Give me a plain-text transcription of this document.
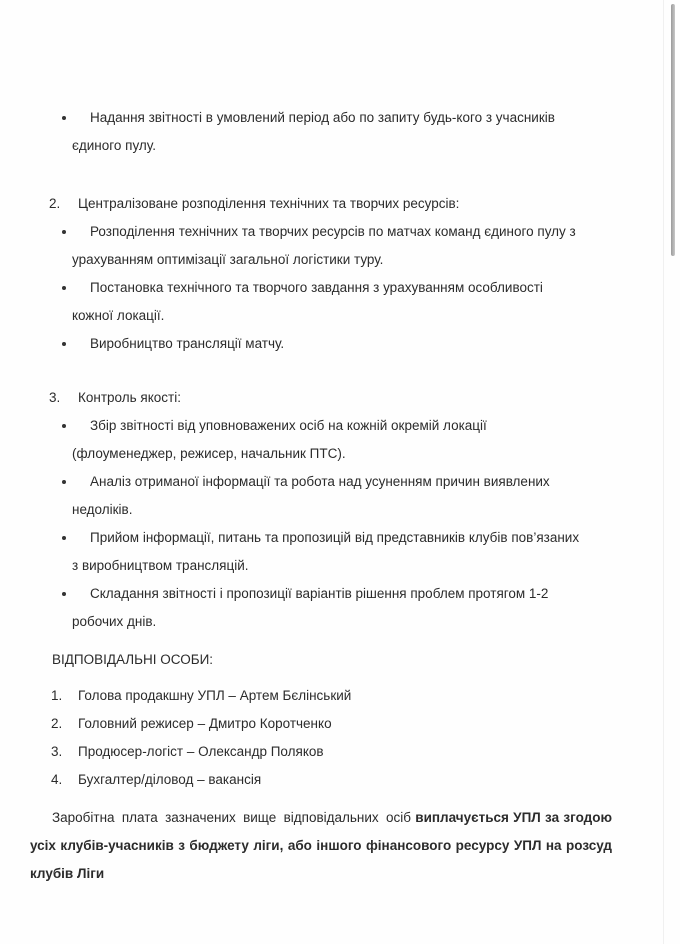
Надання звітності в умовлений період або по запиту будь-кого з учасників
єдиного пулу.
2. Централізоване розподілення технічних та творчих ресурсів:
Розподілення технічних та творчих ресурсів по матчах команд єдиного пулу з
урахуванням оптимізації загальної логістики туру.
Постановка технічного та творчого завдання з урахуванням особливості
кожної локації.
Виробництво трансляції матчу.
3. Контроль якості:
Збір звітності від уповноважених осіб на кожній окремій локації
(флоуменеджер, режисер, начальник ПТС).
Аналіз отриманої інформації та робота над усуненням причин виявлених
недоліків.
Прийом інформації, питань та пропозицій від представників клубів пов’язаних
з виробництвом трансляцій.
Складання звітності і пропозиції варіантів рішення проблем протягом 1-2
робочих днів.
ВІДПОВІДАЛЬНІ ОСОБИ:
1. Голова продакшну УПЛ – Артем Бєлінський
2. Головний режисер – Дмитро Коротченко
3. Продюсер-логіст – Олександр Поляков
4. Бухгалтер/діловод – вакансія
Заробітна плата зазначених вище відповідальних осіб виплачується УПЛ за згодою усіх клубів-учасників з бюджету ліги, або іншого фінансового ресурсу УПЛ на розсуд клубів Ліги
